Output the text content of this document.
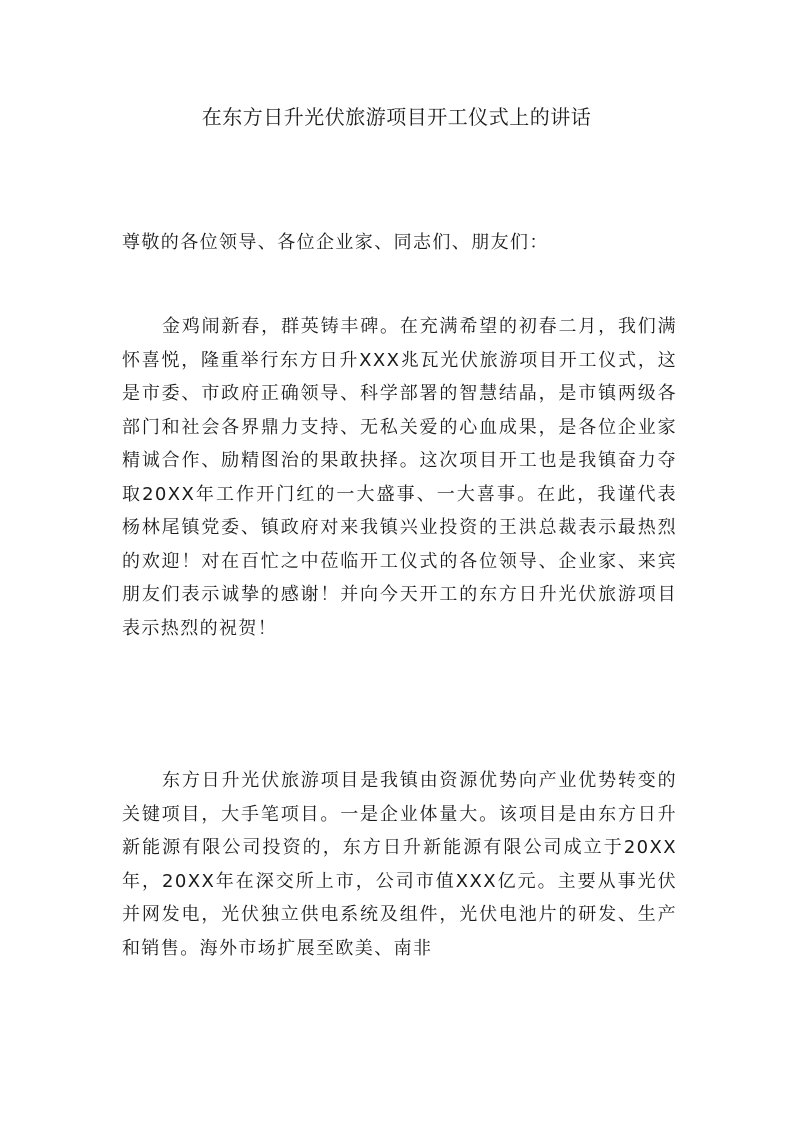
在东方日升光伏旅游项目开工仪式上的讲话

尊敬的各位领导、各位企业家、同志们、朋友们：

金鸡闹新春，群英铸丰碑。在充满希望的初春二月，我们满怀喜悦，隆重举行东方日升XXX兆瓦光伏旅游项目开工仪式，这是市委、市政府正确领导、科学部署的智慧结晶，是市镇两级各部门和社会各界鼎力支持、无私关爱的心血成果，是各位企业家精诚合作、励精图治的果敢抉择。这次项目开工也是我镇奋力夺取20XX年工作开门红的一大盛事、一大喜事。在此，我谨代表杨林尾镇党委、镇政府对来我镇兴业投资的王洪总裁表示最热烈的欢迎！对在百忙之中莅临开工仪式的各位领导、企业家、来宾朋友们表示诚挚的感谢！并向今天开工的东方日升光伏旅游项目表示热烈的祝贺！

东方日升光伏旅游项目是我镇由资源优势向产业优势转变的关键项目，大手笔项目。一是企业体量大。该项目是由东方日升新能源有限公司投资的，东方日升新能源有限公司成立于20XX年，20XX年在深交所上市，公司市值XXX亿元。主要从事光伏并网发电，光伏独立供电系统及组件，光伏电池片的研发、生产和销售。海外市场扩展至欧美、南非
